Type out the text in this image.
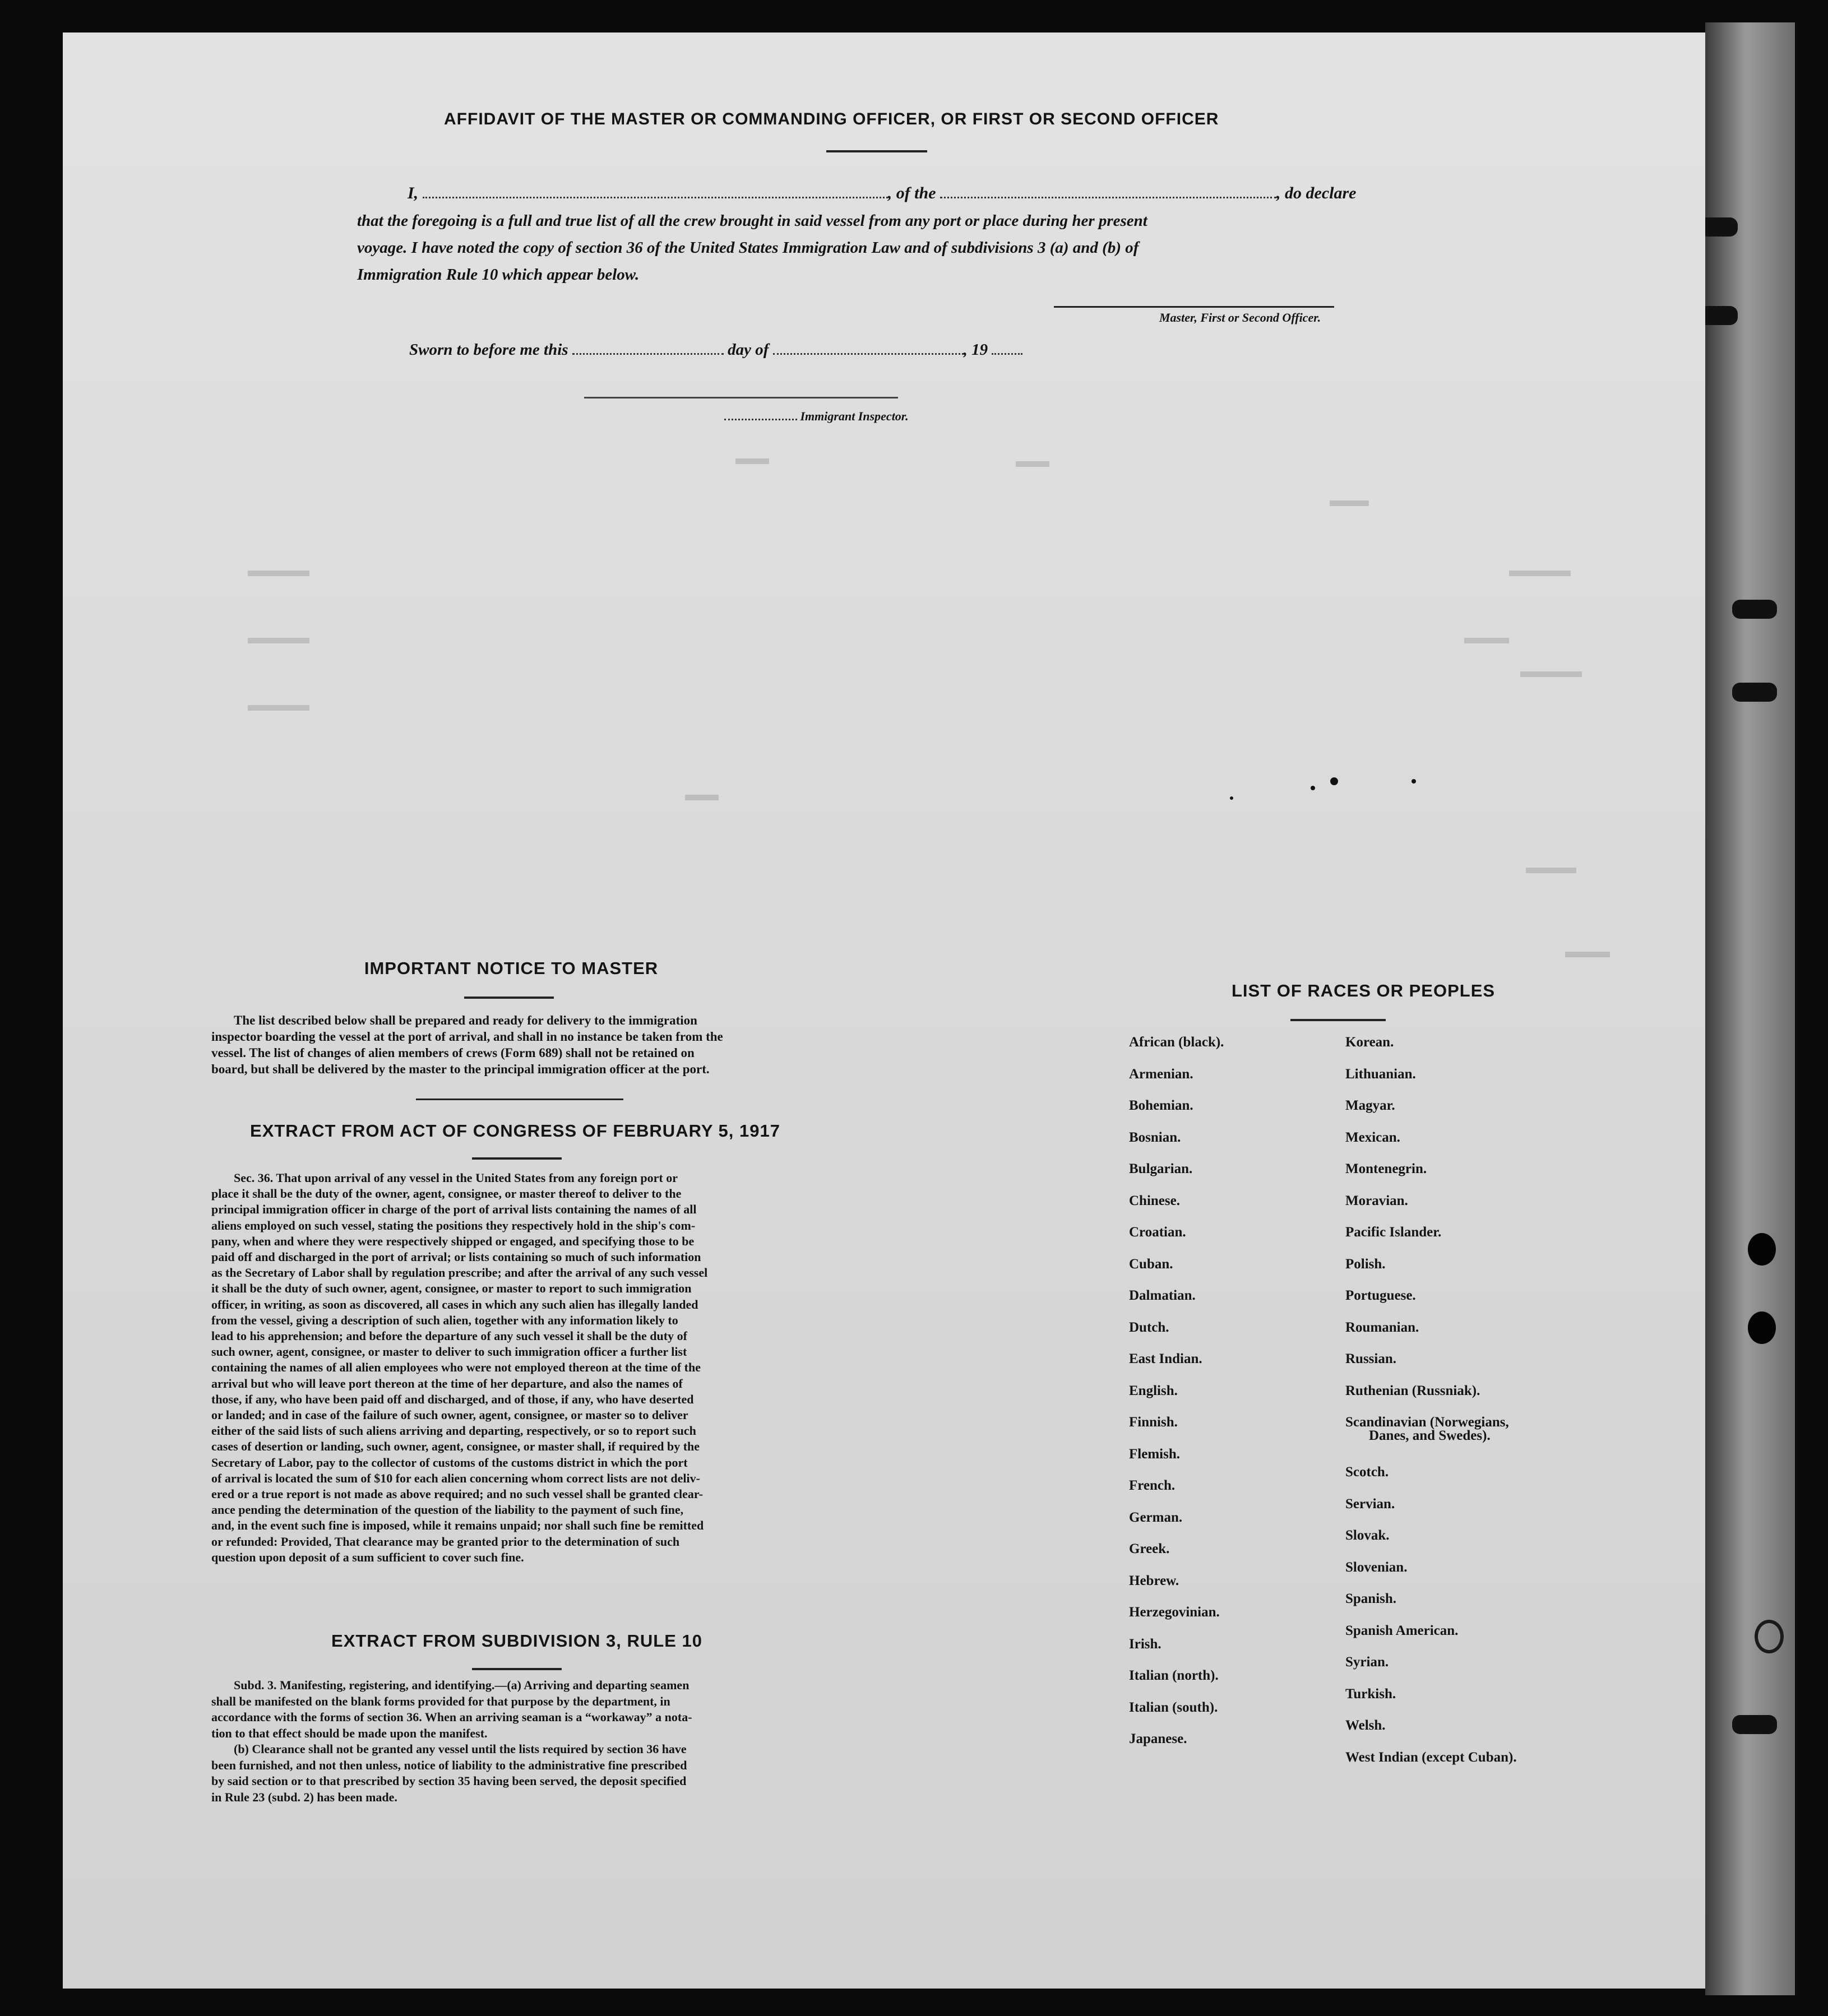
AFFIDAVIT OF THE MASTER OR COMMANDING OFFICER, OR FIRST OR SECOND OFFICER
I,	, of the	, do declare
that the foregoing is a full and true list of all the crew brought in said vessel from any port or place during her present
voyage. I have noted the copy of section 36 of the United States Immigration Law and of subdivisions 3 (a) and (b) of
Immigration Rule 10 which appear below.
Master, First or Second Officer.
Sworn to before me this	day of	, 19
Immigrant Inspector.
IMPORTANT NOTICE TO MASTER
The list described below shall be prepared and ready for delivery to the immigration
inspector boarding the vessel at the port of arrival, and shall in no instance be taken from the
vessel. The list of changes of alien members of crews (Form 689) shall not be retained on
board, but shall be delivered by the master to the principal immigration officer at the port.
EXTRACT FROM ACT OF CONGRESS OF FEBRUARY 5, 1917
Sec. 36. That upon arrival of any vessel in the United States from any foreign port or
place it shall be the duty of the owner, agent, consignee, or master thereof to deliver to the
principal immigration officer in charge of the port of arrival lists containing the names of all
aliens employed on such vessel, stating the positions they respectively hold in the ship's com-
pany, when and where they were respectively shipped or engaged, and specifying those to be
paid off and discharged in the port of arrival; or lists containing so much of such information
as the Secretary of Labor shall by regulation prescribe; and after the arrival of any such vessel
it shall be the duty of such owner, agent, consignee, or master to report to such immigration
officer, in writing, as soon as discovered, all cases in which any such alien has illegally landed
from the vessel, giving a description of such alien, together with any information likely to
lead to his apprehension; and before the departure of any such vessel it shall be the duty of
such owner, agent, consignee, or master to deliver to such immigration officer a further list
containing the names of all alien employees who were not employed thereon at the time of the
arrival but who will leave port thereon at the time of her departure, and also the names of
those, if any, who have been paid off and discharged, and of those, if any, who have deserted
or landed; and in case of the failure of such owner, agent, consignee, or master so to deliver
either of the said lists of such aliens arriving and departing, respectively, or so to report such
cases of desertion or landing, such owner, agent, consignee, or master shall, if required by the
Secretary of Labor, pay to the collector of customs of the customs district in which the port
of arrival is located the sum of $10 for each alien concerning whom correct lists are not deliv-
ered or a true report is not made as above required; and no such vessel shall be granted clear-
ance pending the determination of the question of the liability to the payment of such fine,
and, in the event such fine is imposed, while it remains unpaid; nor shall such fine be remitted
or refunded: Provided, That clearance may be granted prior to the determination of such
question upon deposit of a sum sufficient to cover such fine.
EXTRACT FROM SUBDIVISION 3, RULE 10
Subd. 3. Manifesting, registering, and identifying.—(a) Arriving and departing seamen
shall be manifested on the blank forms provided for that purpose by the department, in
accordance with the forms of section 36. When an arriving seaman is a “workaway” a nota-
tion to that effect should be made upon the manifest.
(b) Clearance shall not be granted any vessel until the lists required by section 36 have
been furnished, and not then unless, notice of liability to the administrative fine prescribed
by said section or to that prescribed by section 35 having been served, the deposit specified
in Rule 23 (subd. 2) has been made.
LIST OF RACES OR PEOPLES
African (black).
Armenian.
Bohemian.
Bosnian.
Bulgarian.
Chinese.
Croatian.
Cuban.
Dalmatian.
Dutch.
East Indian.
English.
Finnish.
Flemish.
French.
German.
Greek.
Hebrew.
Herzegovinian.
Irish.
Italian (north).
Italian (south).
Japanese.
Korean.
Lithuanian.
Magyar.
Mexican.
Montenegrin.
Moravian.
Pacific Islander.
Polish.
Portuguese.
Roumanian.
Russian.
Ruthenian (Russniak).
Scandinavian (Norwegians,
Danes, and Swedes).
Scotch.
Servian.
Slovak.
Slovenian.
Spanish.
Spanish American.
Syrian.
Turkish.
Welsh.
West Indian (except Cuban).
